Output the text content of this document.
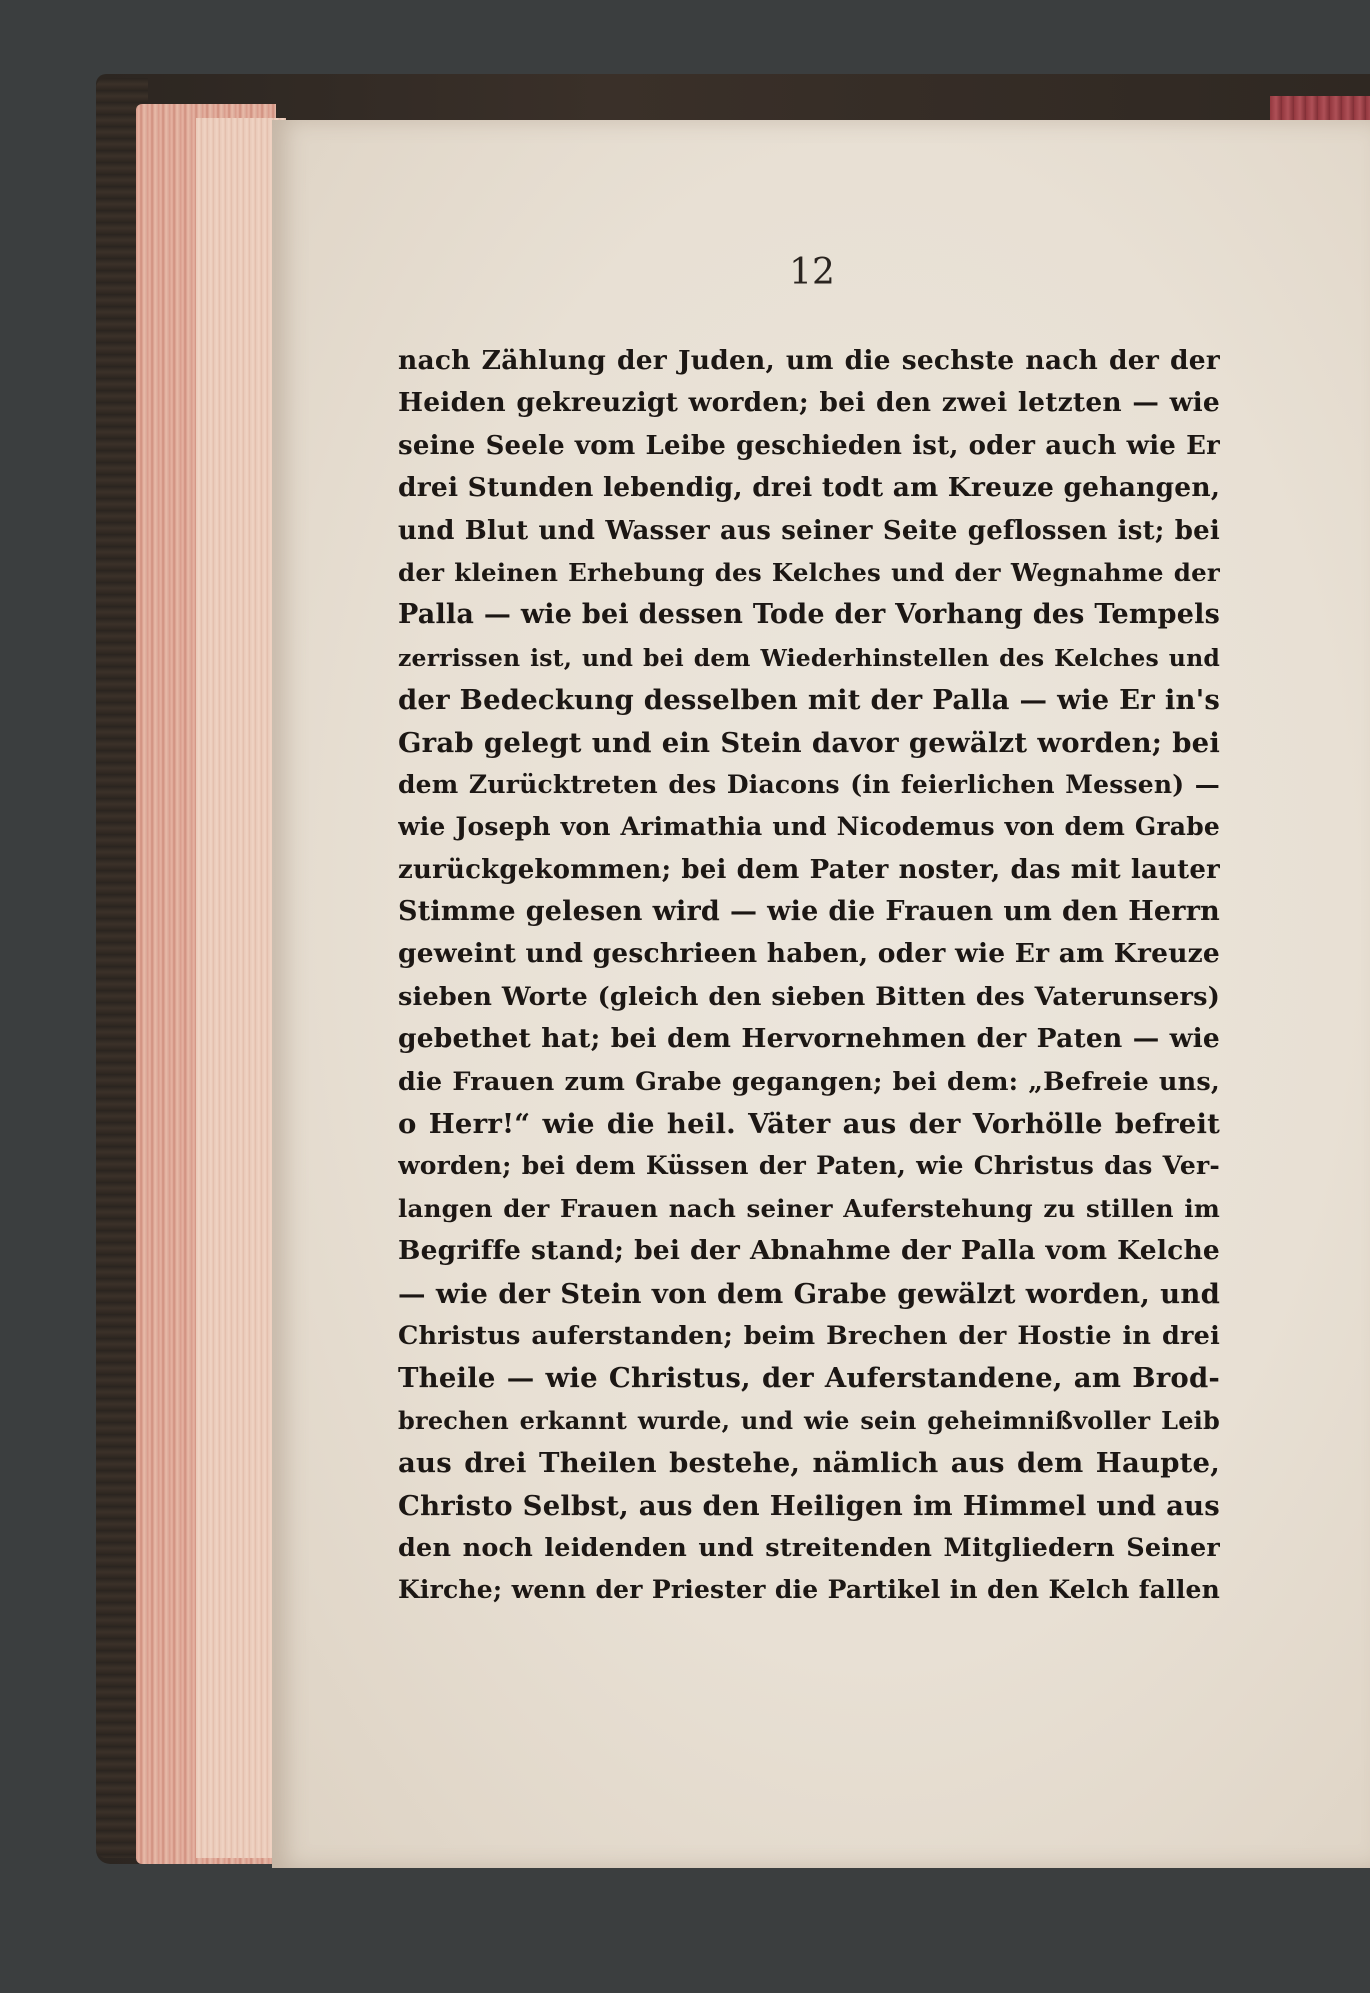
12

nach Zählung der Juden, um die sechste nach der der
Heiden gekreuzigt worden; bei den zwei letzten — wie
seine Seele vom Leibe geschieden ist, oder auch wie Er
drei Stunden lebendig, drei todt am Kreuze gehangen,
und Blut und Wasser aus seiner Seite geflossen ist; bei
der kleinen Erhebung des Kelches und der Wegnahme der
Palla — wie bei dessen Tode der Vorhang des Tempels
zerrissen ist, und bei dem Wiederhinstellen des Kelches und
der Bedeckung desselben mit der Palla — wie Er in's
Grab gelegt und ein Stein davor gewälzt worden; bei
dem Zurücktreten des Diacons (in feierlichen Messen) —
wie Joseph von Arimathia und Nicodemus von dem Grabe
zurückgekommen; bei dem Pater noster, das mit lauter
Stimme gelesen wird — wie die Frauen um den Herrn
geweint und geschrieen haben, oder wie Er am Kreuze
sieben Worte (gleich den sieben Bitten des Vaterunsers)
gebethet hat; bei dem Hervornehmen der Paten — wie
die Frauen zum Grabe gegangen; bei dem: „Befreie uns,
o Herr!“ wie die heil. Väter aus der Vorhölle befreit
worden; bei dem Küssen der Paten, wie Christus das Ver-
langen der Frauen nach seiner Auferstehung zu stillen im
Begriffe stand; bei der Abnahme der Palla vom Kelche
— wie der Stein von dem Grabe gewälzt worden, und
Christus auferstanden; beim Brechen der Hostie in drei
Theile — wie Christus, der Auferstandene, am Brod-
brechen erkannt wurde, und wie sein geheimnißvoller Leib
aus drei Theilen bestehe, nämlich aus dem Haupte,
Christo Selbst, aus den Heiligen im Himmel und aus
den noch leidenden und streitenden Mitgliedern Seiner
Kirche; wenn der Priester die Partikel in den Kelch fallen
